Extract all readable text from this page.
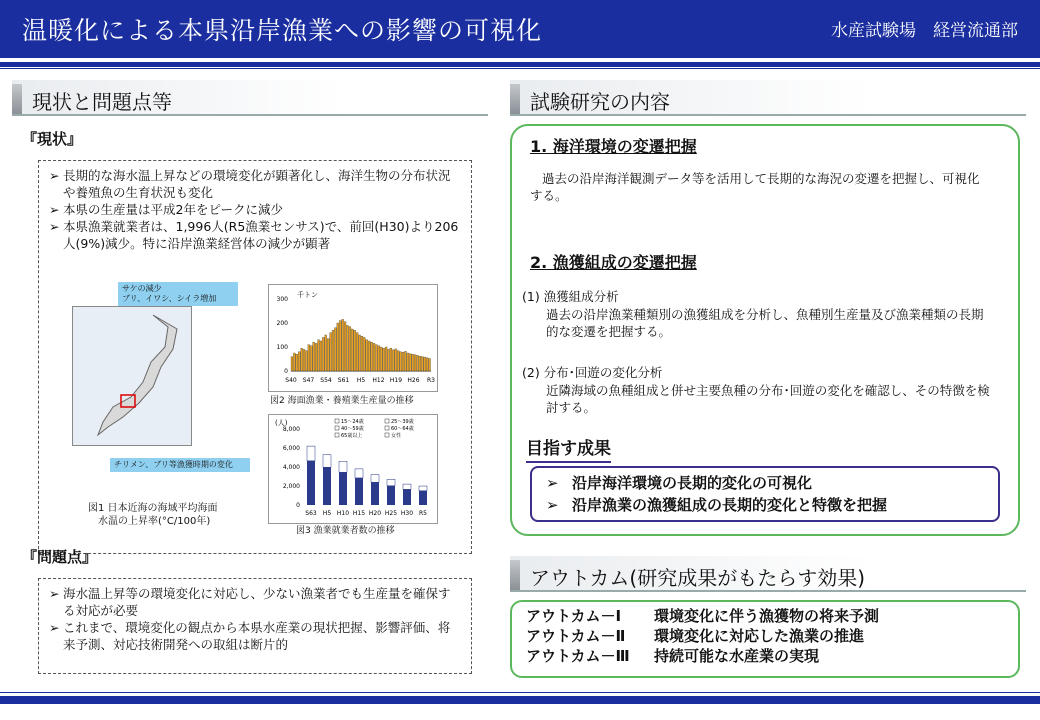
温暖化による本県沿岸漁業への影響の可視化	水産試験場　経営流通部
現状と問題点等
『現状』
➢ 長期的な海水温上昇などの環境変化が顕著化し、海洋生物の分布状況や養殖魚の生育状況も変化
➢ 本県の生産量は平成2年をピークに減少
➢ 本県漁業就業者は、1,996人(R5漁業センサス)で、前回(H30)より206人(9%)減少。特に沿岸漁業経営体の減少が顕著
サケの減少
ブリ、イワシ、シイラ増加
チリメン、ブリ等漁獲時期の変化
図1 日本近海の海域平均海面
水温の上昇率(°C/100年)
千トン
0
100
200
300
S40 S47 S54 S61 H5 H12 H19 H26 R3
図2 海面漁業・養殖業生産量の推移
(人)
0
2,000
4,000
6,000
8,000
15～24歳	25～39歳
40～59歳	60～64歳
65歳以上	女性
S63 H5 H10 H15 H20 H25 H30 R5
図3 漁業就業者数の推移
『問題点』
➢ 海水温上昇等の環境変化に対応し、少ない漁業者でも生産量を確保する対応が必要
➢ これまで、環境変化の観点から本県水産業の現状把握、影響評価、将来予測、対応技術開発への取組は断片的
試験研究の内容
1. 海洋環境の変遷把握
過去の沿岸海洋観測データ等を活用して長期的な海況の変遷を把握し、可視化する。
2. 漁獲組成の変遷把握
(1) 漁獲組成分析
過去の沿岸漁業種類別の漁獲組成を分析し、魚種別生産量及び漁業種類の長期的な変遷を把握する。
(2) 分布･回遊の変化分析
近隣海域の魚種組成と併せ主要魚種の分布･回遊の変化を確認し、その特徴を検討する。
目指す成果
➢ 沿岸海洋環境の長期的変化の可視化
➢ 沿岸漁業の漁獲組成の長期的変化と特徴を把握
アウトカム(研究成果がもたらす効果)
アウトカム－Ⅰ	環境変化に伴う漁獲物の将来予測
アウトカム－Ⅱ	環境変化に対応した漁業の推進
アウトカム－Ⅲ	持続可能な水産業の実現
